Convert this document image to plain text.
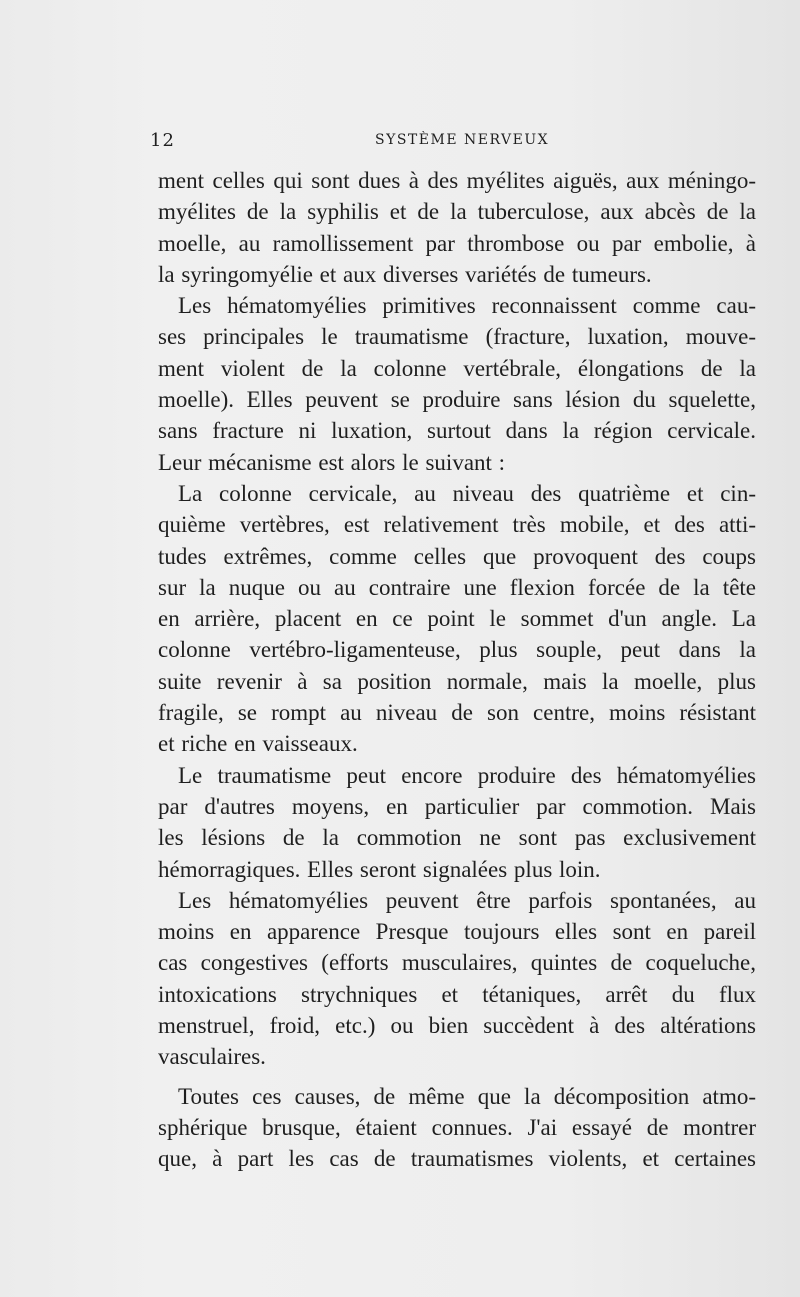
12	SYSTÈME NERVEUX
ment celles qui sont dues à des myélites aiguës, aux méningo-
myélites de la syphilis et de la tuberculose, aux abcès de la
moelle, au ramollissement par thrombose ou par embolie, à
la syringomyélie et aux diverses variétés de tumeurs.
Les hématomyélies primitives reconnaissent comme cau-
ses principales le traumatisme (fracture, luxation, mouve-
ment violent de la colonne vertébrale, élongations de la
moelle). Elles peuvent se produire sans lésion du squelette,
sans fracture ni luxation, surtout dans la région cervicale.
Leur mécanisme est alors le suivant :
La colonne cervicale, au niveau des quatrième et cin-
quième vertèbres, est relativement très mobile, et des atti-
tudes extrêmes, comme celles que provoquent des coups
sur la nuque ou au contraire une flexion forcée de la tête
en arrière, placent en ce point le sommet d'un angle. La
colonne vertébro-ligamenteuse, plus souple, peut dans la
suite revenir à sa position normale, mais la moelle, plus
fragile, se rompt au niveau de son centre, moins résistant
et riche en vaisseaux.
Le traumatisme peut encore produire des hématomyélies
par d'autres moyens, en particulier par commotion. Mais
les lésions de la commotion ne sont pas exclusivement
hémorragiques. Elles seront signalées plus loin.
Les hématomyélies peuvent être parfois spontanées, au
moins en apparence Presque toujours elles sont en pareil
cas congestives (efforts musculaires, quintes de coqueluche,
intoxications strychniques et tétaniques, arrêt du flux
menstruel, froid, etc.) ou bien succèdent à des altérations
vasculaires.
Toutes ces causes, de même que la décomposition atmo-
sphérique brusque, étaient connues. J'ai essayé de montrer
que, à part les cas de traumatismes violents, et certaines
